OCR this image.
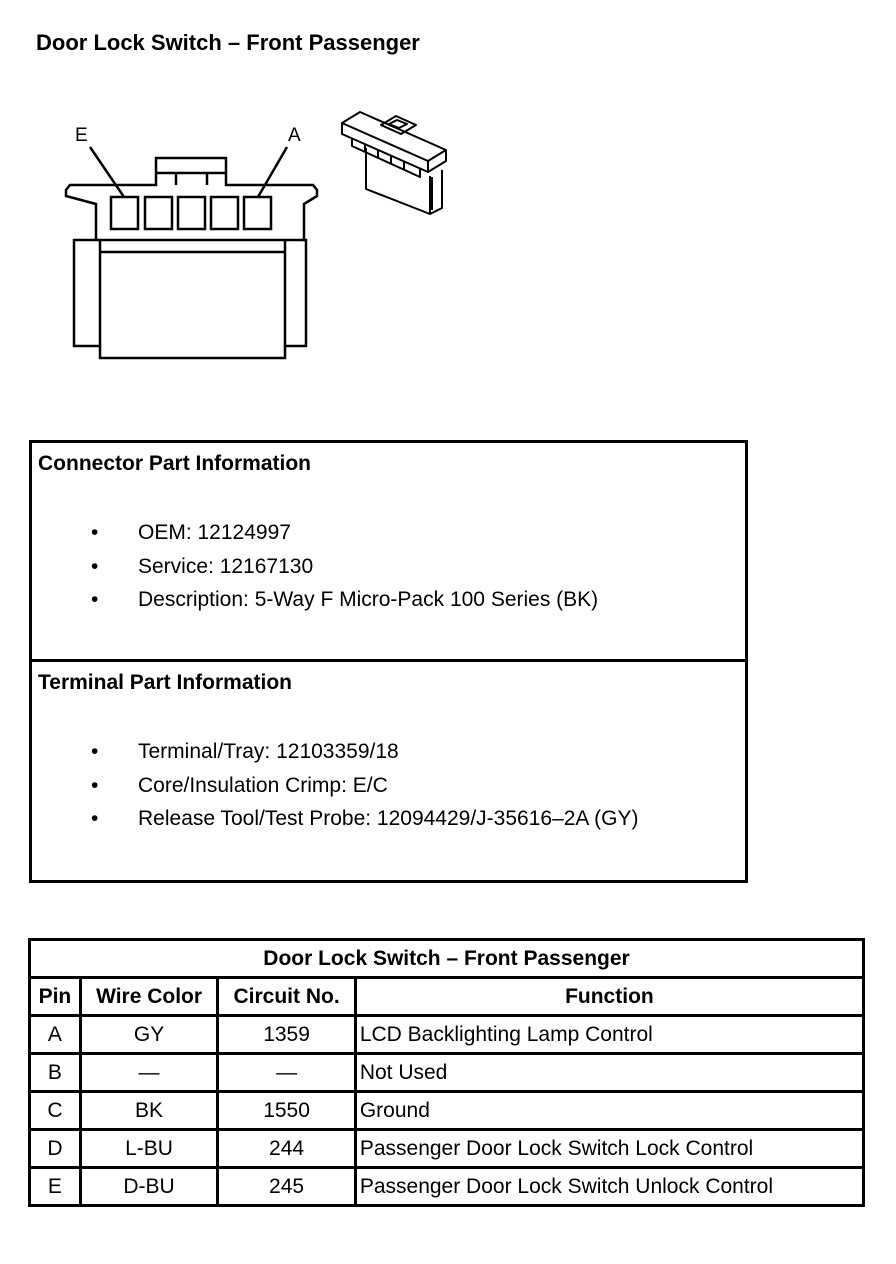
Door Lock Switch – Front Passenger
E	A
Connector Part Information
• OEM: 12124997
• Service: 12167130
• Description: 5-Way F Micro-Pack 100 Series (BK)
Terminal Part Information
• Terminal/Tray: 12103359/18
• Core/Insulation Crimp: E/C
• Release Tool/Test Probe: 12094429/J-35616–2A (GY)
Door Lock Switch – Front Passenger			
Pin	Wire Color	Circuit No.	Function
A	GY	1359	LCD Backlighting Lamp Control
B	—	—	Not Used
C	BK	1550	Ground
D	L-BU	244	Passenger Door Lock Switch Lock Control
E	D-BU	245	Passenger Door Lock Switch Unlock Control
